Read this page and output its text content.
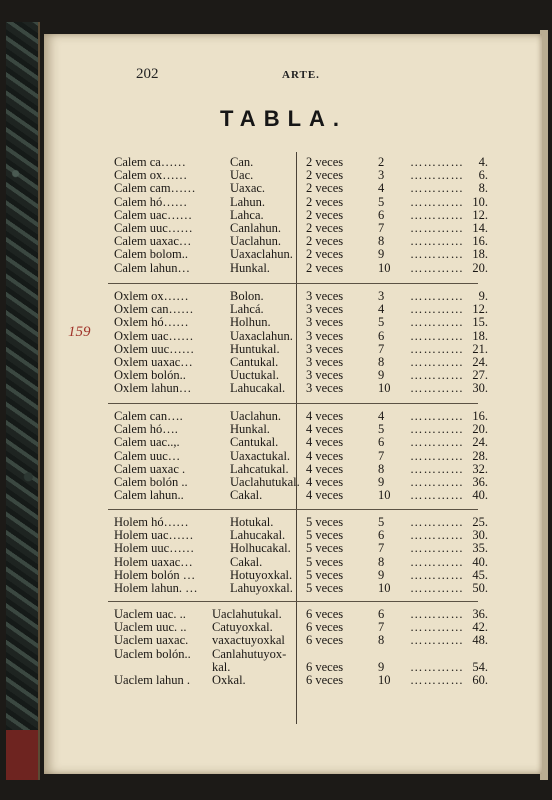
202	ARTE.
TABLA.
159
Calem ca……	Can.	2 veces	2 ………… 4.
Calem ox……	Uac.	2 veces	3 ………… 6.
Calem cam……	Uaxac.	2 veces	4 ………… 8.
Calem hó……	Lahun.	2 veces	5 ………… 10.
Calem uac……	Lahca.	2 veces	6 ………… 12.
Calem uuc……	Canlahun. 2 veces	7 ………… 14.
Calem uaxac…	Uaclahun. 2 veces	8 ………… 16.
Calem bolom..	Uaxaclahun. 2 veces	9 ………… 18.
Calem lahun…	Hunkal.	2 veces	10 ………… 20.
Oxlem ox……	Bolon.	3 veces	3 ………… 9.
Oxlem can……	Lahcá.	3 veces	4 ………… 12.
Oxlem hó……	Holhun.	3 veces	5 ………… 15.
Oxlem uac……	Uaxaclahun. 3 veces	6 ………… 18.
Oxlem uuc……	Huntukal. 3 veces	7 ………… 21.
Oxlem uaxac…	Cantukal. 3 veces	8 ………… 24.
Oxlem bolón..	Uuctukal. 3 veces	9 ………… 27.
Oxlem lahun…	Lahucakal. 3 veces	10 ………… 30.
Calem can….	Uaclahun. 4 veces	4 ………… 16.
Calem hó….	Hunkal.	4 veces	5 ………… 20.
Calem uac..,.	Cantukal. 4 veces	6 ………… 24.
Calem uuc…	Uaxactukal. 4 veces	7 ………… 28.
Calem uaxac .	Lahcatukal. 4 veces	8 ………… 32.
Calem bolón ..	Uaclahutukal. 4 veces	9 ………… 36.
Calem lahun..	Cakal.	4 veces	10 ………… 40.
Holem hó……	Hotukal.	5 veces	5 ………… 25.
Holem uac……	Lahucakal. 5 veces	6 ………… 30.
Holem uuc……	Holhucakal. 5 veces	7 ………… 35.
Holem uaxac…	Cakal.	5 veces	8 ………… 40.
Holem bolón …	Hotuyoxkal. 5 veces	9 ………… 45.
Holem lahun. …	Lahuyoxkal. 5 veces	10 ………… 50.
Uaclem uac. .. Uaclahutukal. 6 veces	6 ………… 36.
Uaclem uuc. .. Catuyoxkal.	6 veces	7 ………… 42.
Uaclem uaxac. vaxactuyoxkal 6 veces	8 ………… 48.
Uaclem bolón.. Canlahutuyox-
kal.	6 veces	9 ………… 54.
Uaclem lahun . Oxkal.	6 veces	10 ………… 60.
